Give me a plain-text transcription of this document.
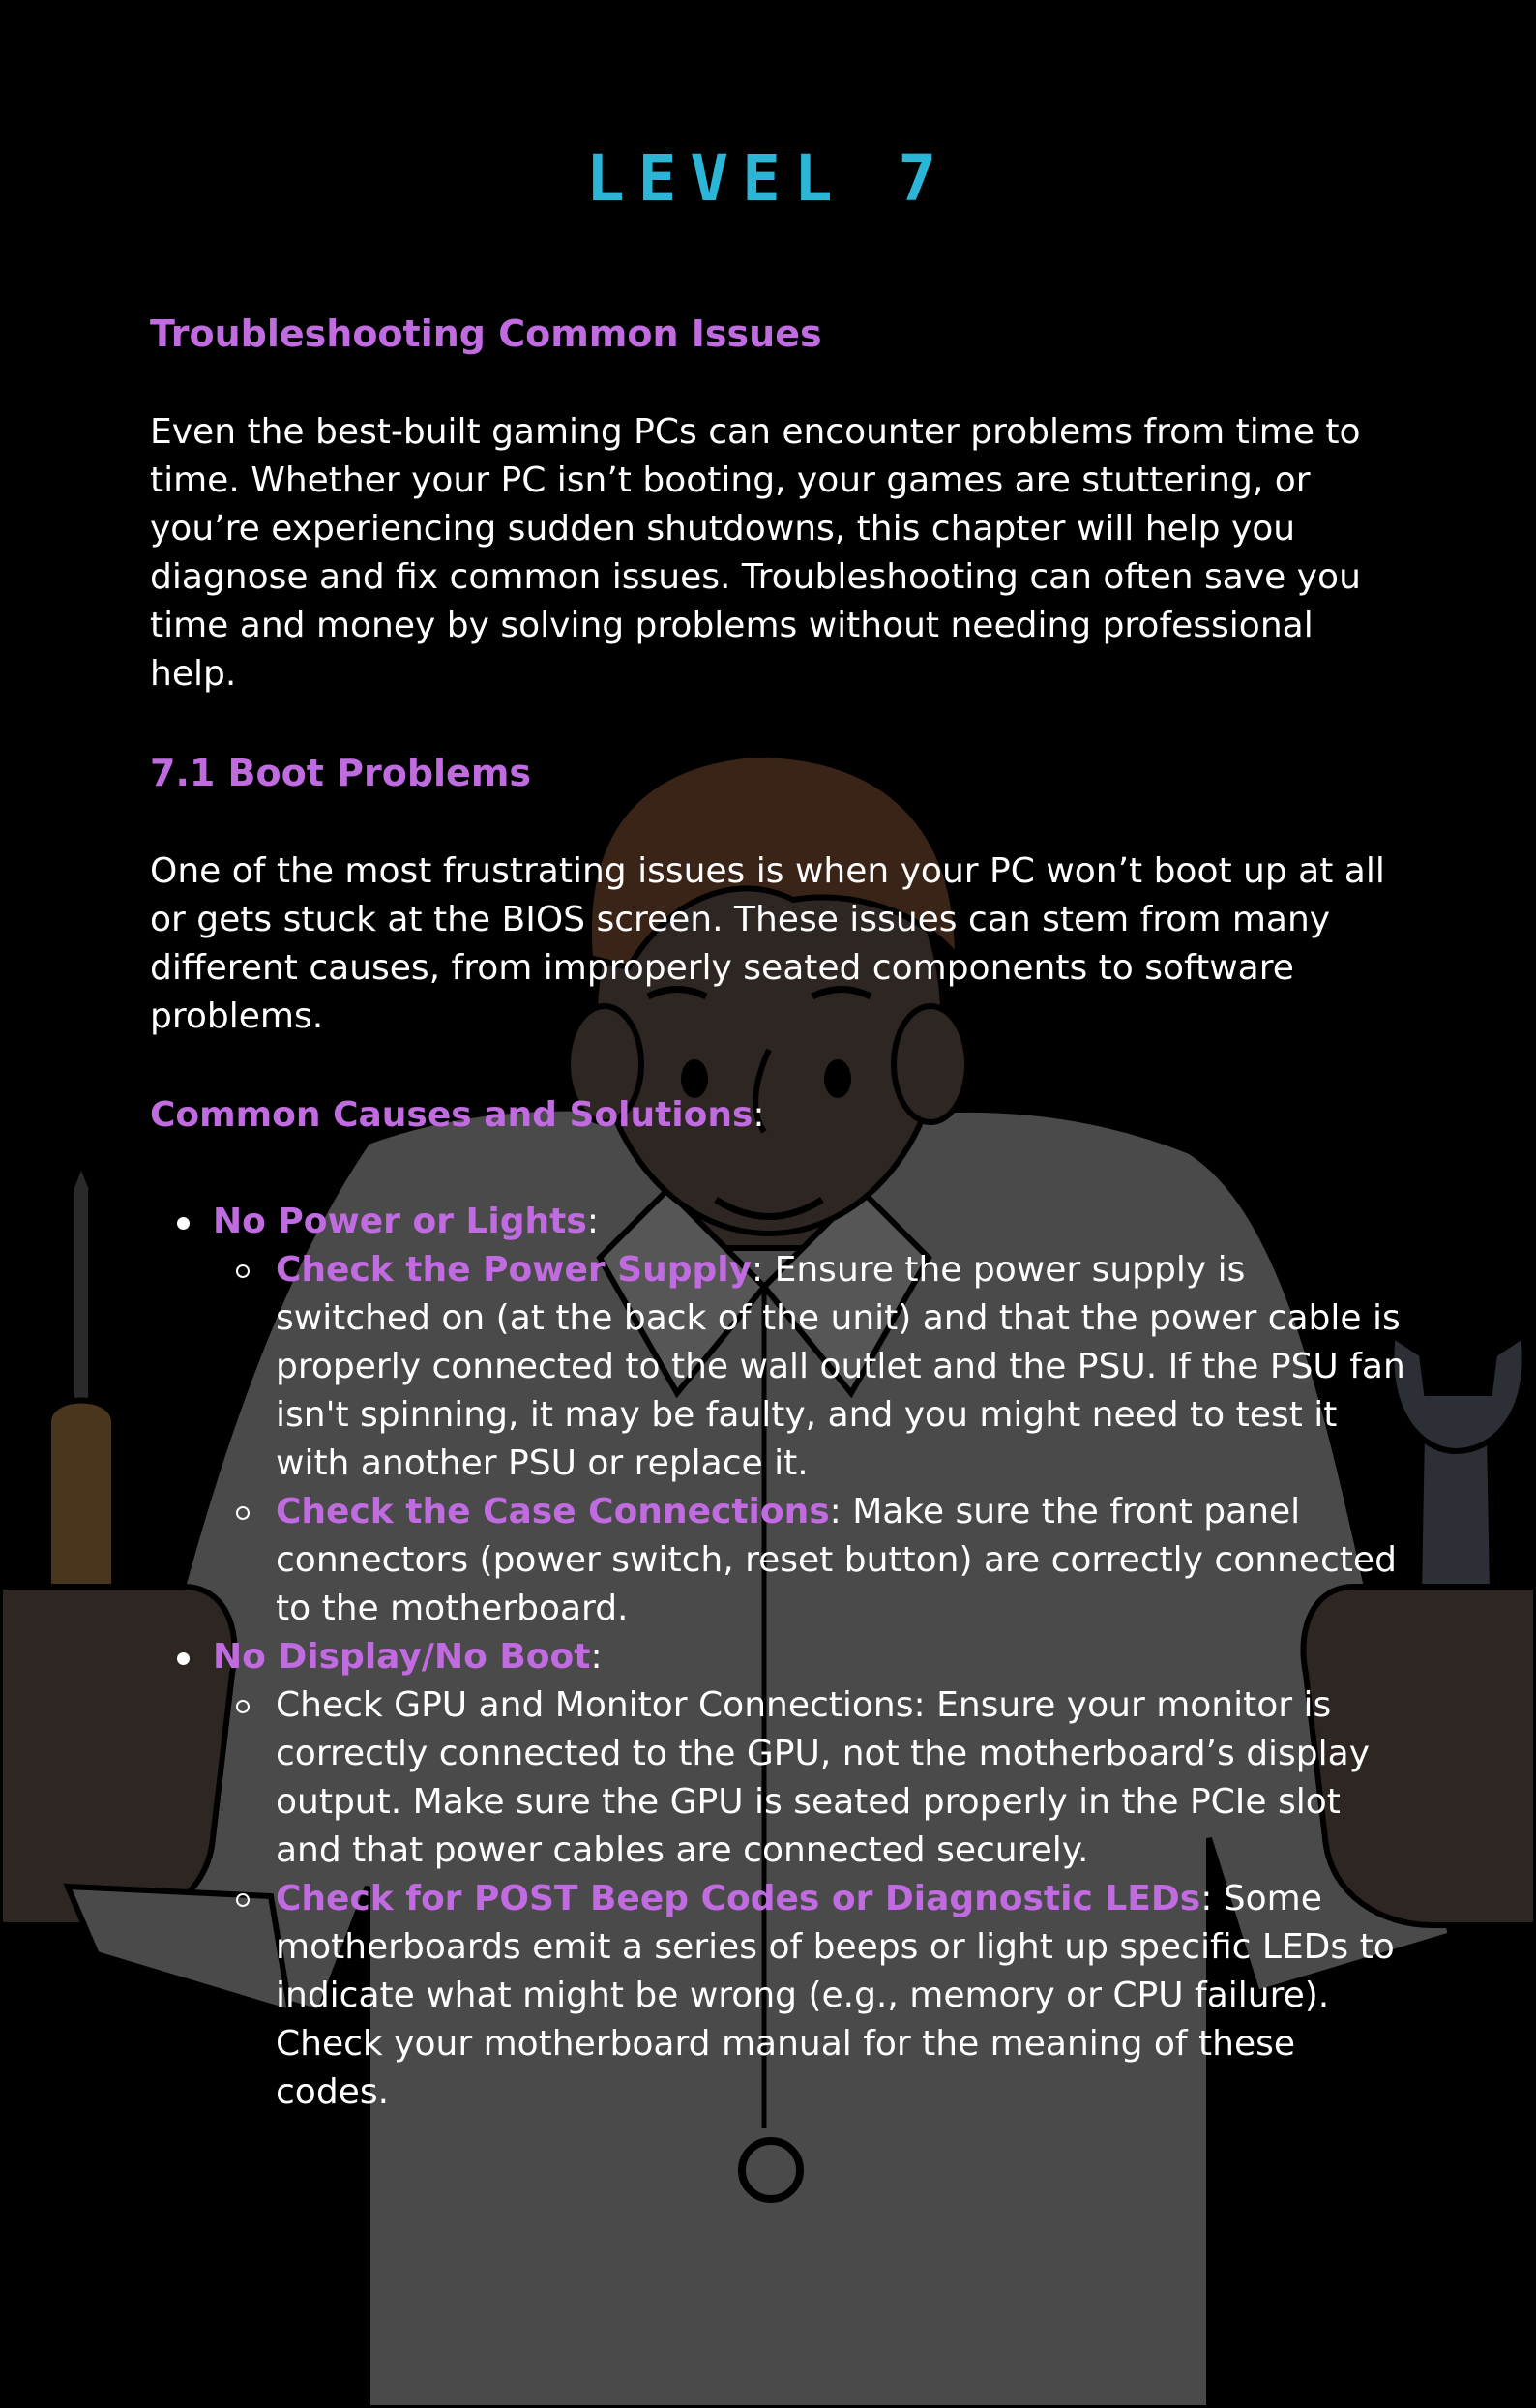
LEVEL 7
Troubleshooting Common Issues

Even the best-built gaming PCs can encounter problems from time to time. Whether your PC isn’t booting, your games are stuttering, or you’re experiencing sudden shutdowns, this chapter will help you diagnose and fix common issues. Troubleshooting can often save you time and money by solving problems without needing professional help.

7.1 Boot Problems

One of the most frustrating issues is when your PC won’t boot up at all or gets stuck at the BIOS screen. These issues can stem from many different causes, from improperly seated components to software problems.

Common Causes and Solutions:

No Power or Lights:
Check the Power Supply: Ensure the power supply is switched on (at the back of the unit) and that the power cable is properly connected to the wall outlet and the PSU. If the PSU fan isn't spinning, it may be faulty, and you might need to test it with another PSU or replace it.
Check the Case Connections: Make sure the front panel connectors (power switch, reset button) are correctly connected to the motherboard.
No Display/No Boot:
Check GPU and Monitor Connections: Ensure your monitor is correctly connected to the GPU, not the motherboard’s display output. Make sure the GPU is seated properly in the PCIe slot and that power cables are connected securely.
Check for POST Beep Codes or Diagnostic LEDs: Some motherboards emit a series of beeps or light up specific LEDs to indicate what might be wrong (e.g., memory or CPU failure). Check your motherboard manual for the meaning of these codes.
